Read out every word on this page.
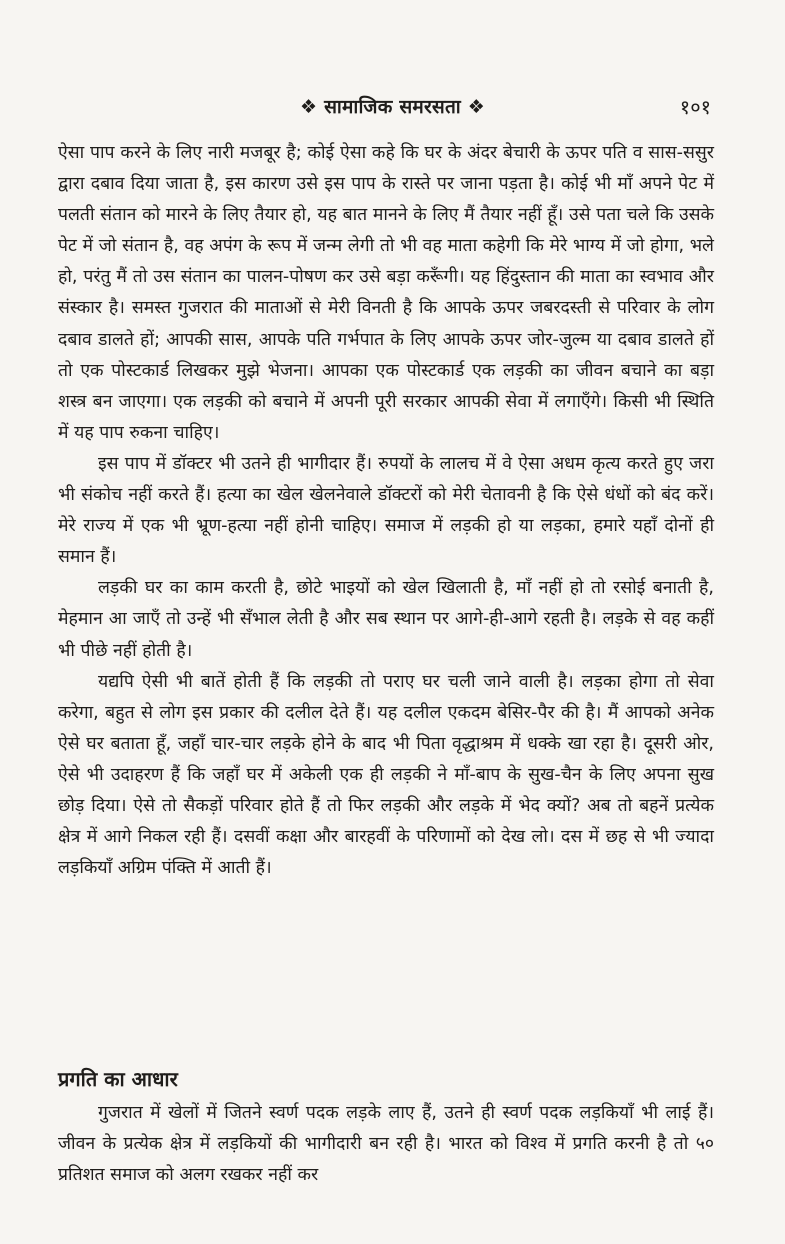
❖ सामाजिक समरसता ❖	१०१

ऐसा पाप करने के लिए नारी मजबूर है; कोई ऐसा कहे कि घर के अंदर बेचारी के ऊपर पति व सास-ससुर द्वारा दबाव दिया जाता है, इस कारण उसे इस पाप के रास्ते पर जाना पड़ता है। कोई भी माँ अपने पेट में पलती संतान को मारने के लिए तैयार हो, यह बात मानने के लिए मैं तैयार नहीं हूँ। उसे पता चले कि उसके पेट में जो संतान है, वह अपंग के रूप में जन्म लेगी तो भी वह माता कहेगी कि मेरे भाग्य में जो होगा, भले हो, परंतु मैं तो उस संतान का पालन-पोषण कर उसे बड़ा करूँगी। यह हिंदुस्तान की माता का स्वभाव और संस्कार है। समस्त गुजरात की माताओं से मेरी विनती है कि आपके ऊपर जबरदस्ती से परिवार के लोग दबाव डालते हों; आपकी सास, आपके पति गर्भपात के लिए आपके ऊपर जोर-जुल्म या दबाव डालते हों तो एक पोस्टकार्ड लिखकर मुझे भेजना। आपका एक पोस्टकार्ड एक लड़की का जीवन बचाने का बड़ा शस्त्र बन जाएगा। एक लड़की को बचाने में अपनी पूरी सरकार आपकी सेवा में लगाएँगे। किसी भी स्थिति में यह पाप रुकना चाहिए।

इस पाप में डॉक्टर भी उतने ही भागीदार हैं। रुपयों के लालच में वे ऐसा अधम कृत्य करते हुए जरा भी संकोच नहीं करते हैं। हत्या का खेल खेलनेवाले डॉक्टरों को मेरी चेतावनी है कि ऐसे धंधों को बंद करें। मेरे राज्य में एक भी भ्रूण-हत्या नहीं होनी चाहिए। समाज में लड़की हो या लड़का, हमारे यहाँ दोनों ही समान हैं।

लड़की घर का काम करती है, छोटे भाइयों को खेल खिलाती है, माँ नहीं हो तो रसोई बनाती है, मेहमान आ जाएँ तो उन्हें भी सँभाल लेती है और सब स्थान पर आगे-ही-आगे रहती है। लड़के से वह कहीं भी पीछे नहीं होती है।

यद्यपि ऐसी भी बातें होती हैं कि लड़की तो पराए घर चली जाने वाली है। लड़का होगा तो सेवा करेगा, बहुत से लोग इस प्रकार की दलील देते हैं। यह दलील एकदम बेसिर-पैर की है। मैं आपको अनेक ऐसे घर बताता हूँ, जहाँ चार-चार लड़के होने के बाद भी पिता वृद्धाश्रम में धक्के खा रहा है। दूसरी ओर, ऐसे भी उदाहरण हैं कि जहाँ घर में अकेली एक ही लड़की ने माँ-बाप के सुख-चैन के लिए अपना सुख छोड़ दिया। ऐसे तो सैकड़ों परिवार होते हैं तो फिर लड़की और लड़के में भेद क्यों? अब तो बहनें प्रत्येक क्षेत्र में आगे निकल रही हैं। दसवीं कक्षा और बारहवीं के परिणामों को देख लो। दस में छह से भी ज्यादा लड़कियाँ अग्रिम पंक्ति में आती हैं।

प्रगति का आधार

गुजरात में खेलों में जितने स्वर्ण पदक लड़के लाए हैं, उतने ही स्वर्ण पदक लड़कियाँ भी लाई हैं। जीवन के प्रत्येक क्षेत्र में लड़कियों की भागीदारी बन रही है। भारत को विश्व में प्रगति करनी है तो ५० प्रतिशत समाज को अलग रखकर नहीं कर
